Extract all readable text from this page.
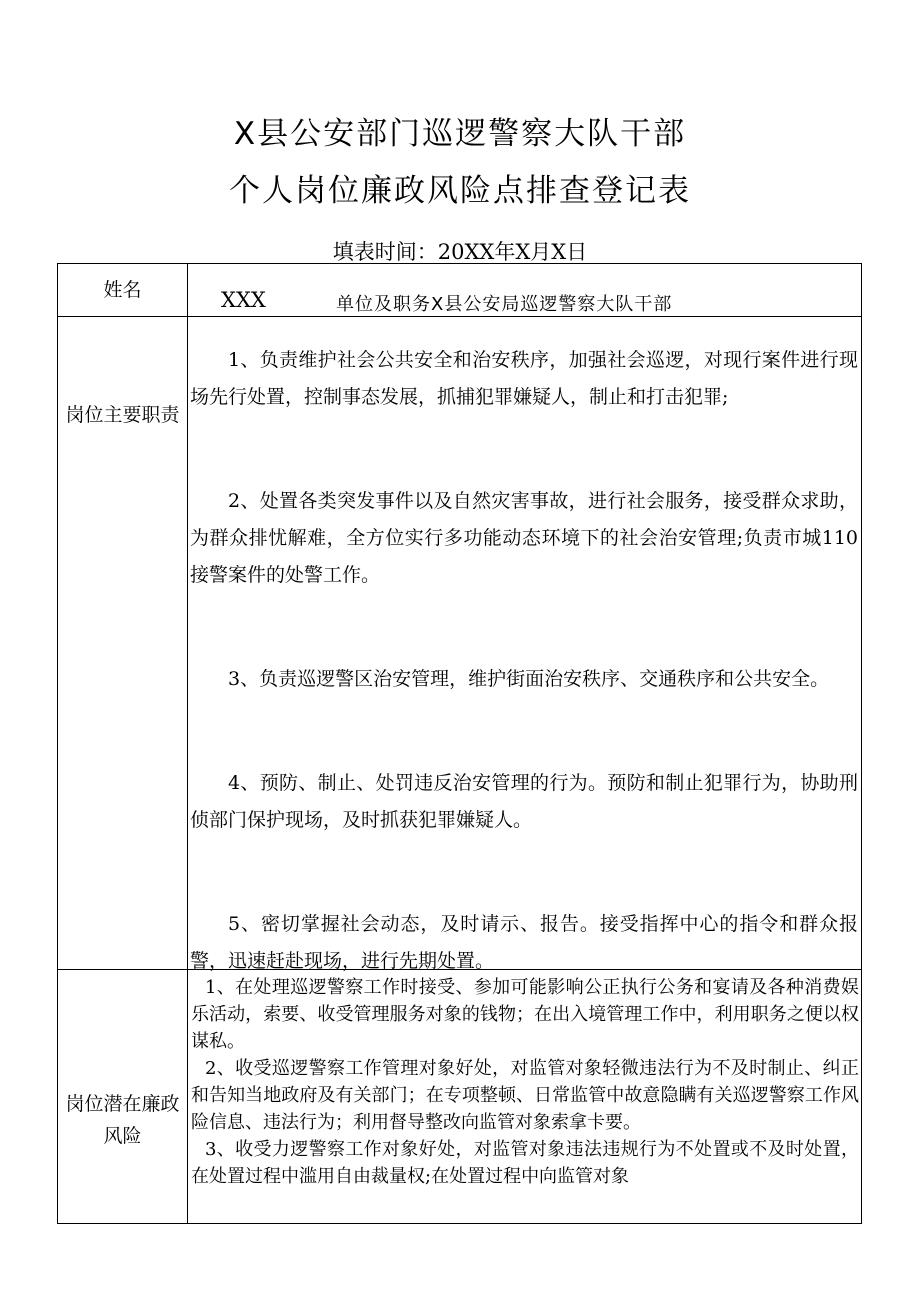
X县公安部门巡逻警察大队干部
个人岗位廉政风险点排查登记表
填表时间：20XX年X月X日
姓名	XXX	单位及职务X县公安局巡逻警察大队干部
岗位主要职责

1、负责维护社会公共安全和治安秩序，加强社会巡逻，对现行案件进行现场先行处置，控制事态发展，抓捕犯罪嫌疑人，制止和打击犯罪;

2、处置各类突发事件以及自然灾害事故，进行社会服务，接受群众求助，为群众排忧解难，全方位实行多功能动态环境下的社会治安管理;负责市城110接警案件的处警工作。

3、负责巡逻警区治安管理，维护街面治安秩序、交通秩序和公共安全。

4、预防、制止、处罚违反治安管理的行为。预防和制止犯罪行为，协助刑侦部门保护现场，及时抓获犯罪嫌疑人。

5、密切掌握社会动态，及时请示、报告。接受指挥中心的指令和群众报警，迅速赶赴现场，进行先期处置。

岗位潜在廉政风险

1、在处理巡逻警察工作时接受、参加可能影响公正执行公务和宴请及各种消费娱乐活动，索要、收受管理服务对象的钱物；在出入境管理工作中，利用职务之便以权谋私。

2、收受巡逻警察工作管理对象好处，对监管对象轻微违法行为不及时制止、纠正和告知当地政府及有关部门；在专项整顿、日常监管中故意隐瞒有关巡逻警察工作风险信息、违法行为；利用督导整改向监管对象索拿卡要。

3、收受力逻警察工作对象好处，对监管对象违法违规行为不处置或不及时处置，在处置过程中滥用自由裁量权;在处置过程中向监管对象
